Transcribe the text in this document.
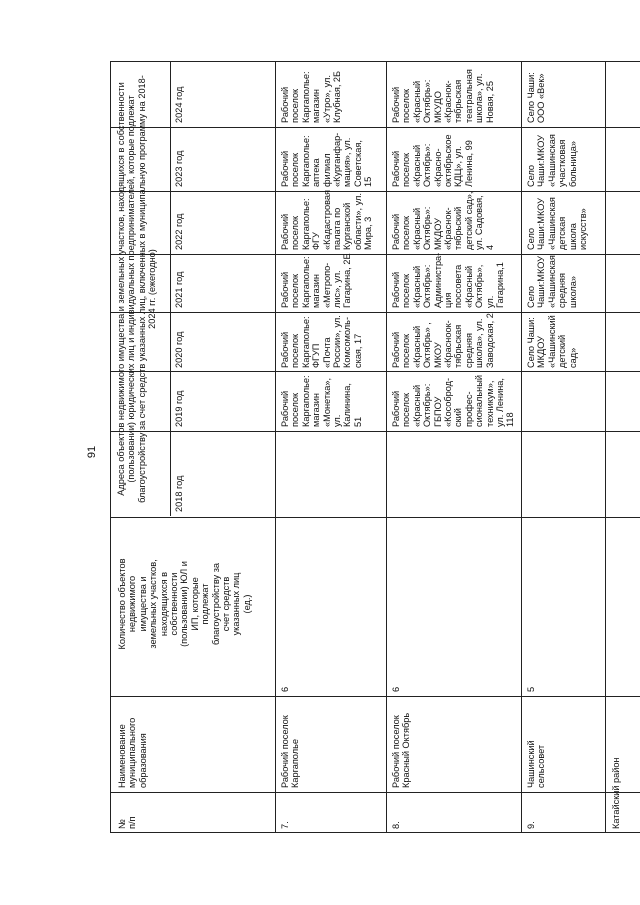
91
№
п/п
Наименование
муниципального
образования
Количество объектов
недвижимого
имущества и
земельных участков,
находящихся в
собственности
(пользовании) ЮЛ и
ИП, которые
подлежат
благоустройству за
счет средств
указанных лиц
(ед.)
Адреса объектов недвижимого имущества и земельных участков, находящихся в собственности
(пользовании) юридических лиц и индивидуальных предпринимателей, которые подлежат
благоустройству за счет средств указанных лиц, включенных в муниципальную программу на 2018-
2024 гг. (ежегодно)
2018 год
2019 год
2020 год
2021 год
2022 год
2023 год
2024 год
7.
Рабочий поселок
Каргаполье
6
Рабочий
поселок
Каргаполье:
магазин
«Монетка»,
ул. Калинина,
51
Рабочий
поселок
Каргаполье:
ФГУП «Почта
России», ул.
Комсомоль-
ская, 17
Рабочий
поселок
Каргаполье:
магазин
«Метропо-
лис», ул.
Гагарина, 2Е
Рабочий
поселок
Каргаполье:
ФГУ
«Кадастровая
палата по
Курганской
области», ул.
Мира, 3
Рабочий
поселок
Каргаполье:
аптека
филиал
«Курганфар-
мация», ул.
Советская,
15
Рабочий
поселок
Каргаполье:
магазин
«Утро», ул.
Клубная, 2Б
8.
Рабочий поселок
Красный Октябрь
6
Рабочий
поселок
«Красный
Октябрь»:
ГБПОУ
«Кособрод-
ский профес-
сиональный
техникум»,
ул. Ленина,
118
Рабочий
поселок
«Красный
Октябрь» ,
МКОУ
«Красноок-
тябрьская
средняя
школа», ул.
Заводская, 2
Рабочий
поселок
«Красный
Октябрь»:
Администра-
ция
поссовета
«Красный
Октябрь», ул.
Гагарина,1
Рабочий
поселок
«Красный
Октябрь»:
МКДОУ
«Краснок-
тябрьский
детский сад»,
ул. Садовая,
4
Рабочий
поселок
«Красный
Октябрь»:
«Красно-
октябрьское
КДЦ», ул.
Ленина, 99
Рабочий
поселок
«Красный
Октябрь»:
МКУДО
«Краснок-
тябрьская
театральная
школа», ул.
Новая, 25
9.
Чашинский
сельсовет
5
Село Чаши:
МКДОУ
«Чашинский
детский сад»
Село
Чаши:МКОУ
«Чашинская
средняя
школа»
Село
Чаши:МКОУ
«Чашинская
детская
школа
искусств»
Село
Чаши:МКОУ
«Чашинская
участковая
больница»
Село Чаши:
ООО «Век»
Катайский район
